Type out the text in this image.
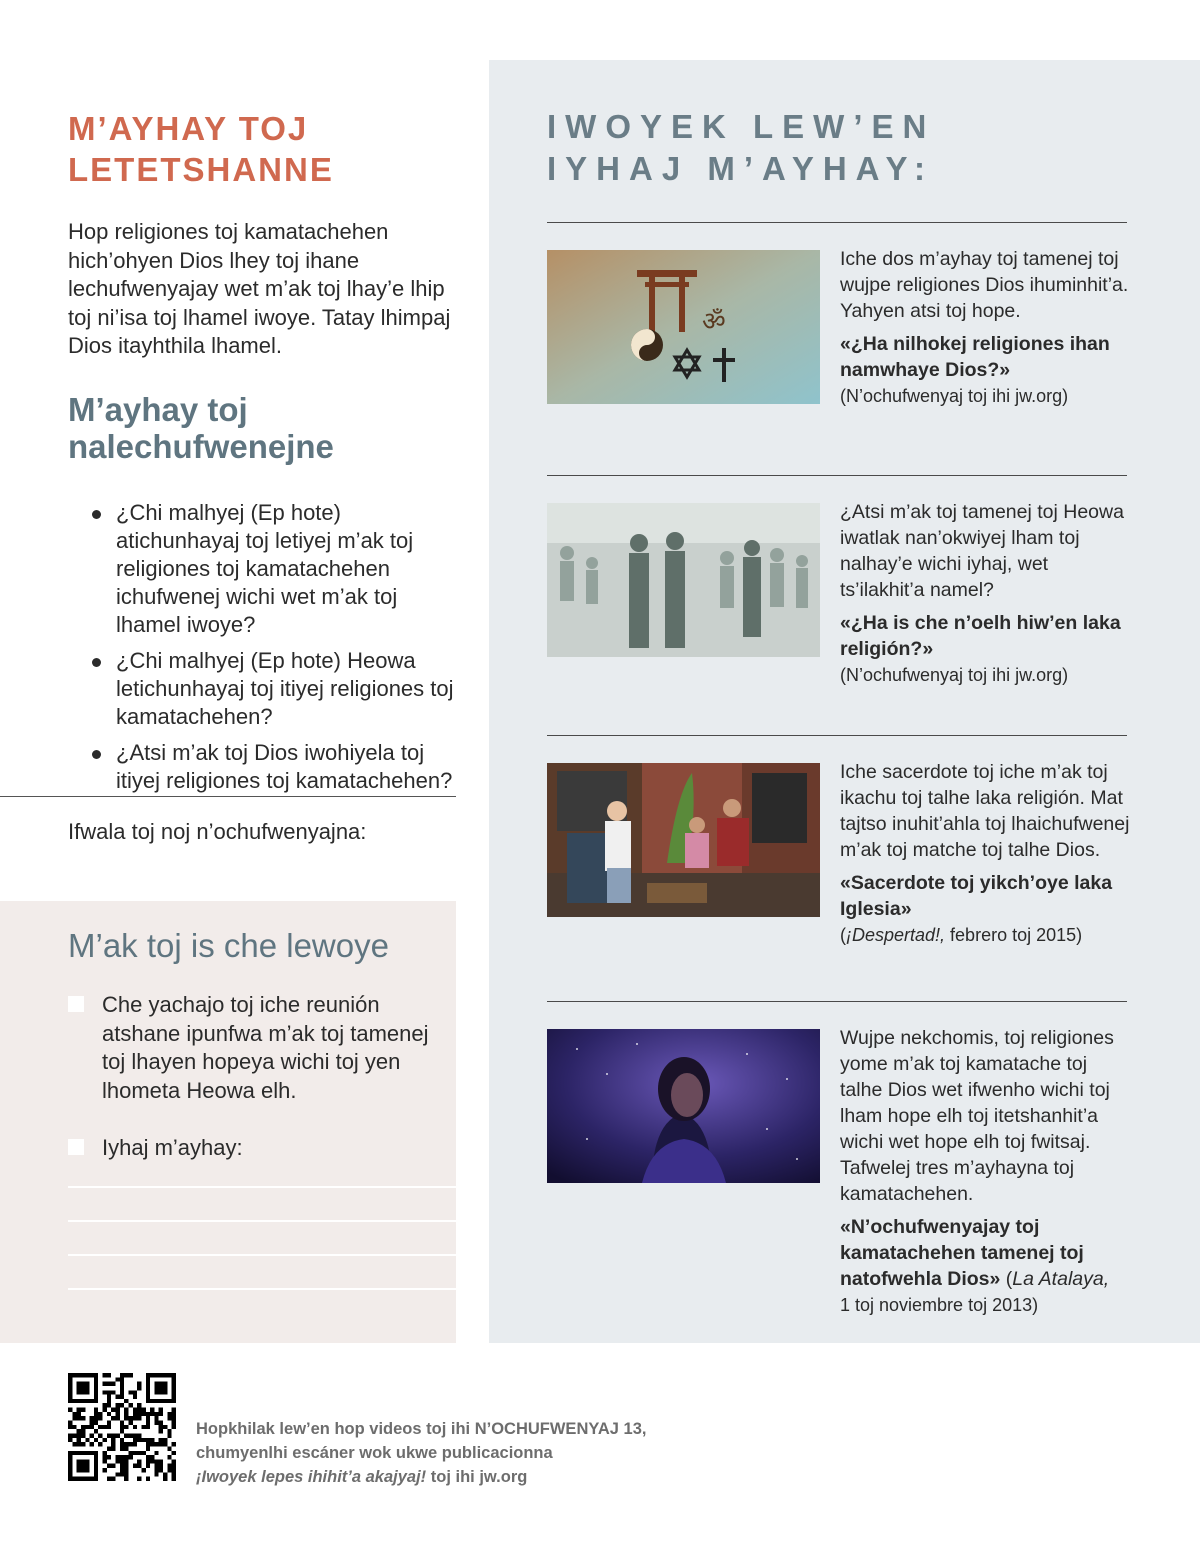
M’AYHAY TOJ
LETETSHANNE

Hop religiones toj kamatachehen hich’ohyen Dios lhey toj ihane lechufwenyajay wet m’ak toj lhay’e lhip toj ni’isa toj lhamel iwoye. Tatay lhimpaj Dios itayhthila lhamel.

M’ayhay toj
nalechufwenejne
¿Chi malhyej (Ep hote) atichunhayaj toj letiyej m’ak toj religiones toj kamatachehen ichufwenej wichi wet m’ak toj lhamel iwoye?
¿Chi malhyej (Ep hote) Heowa letichunhayaj toj itiyej religiones toj kamatachehen?
¿Atsi m’ak toj Dios iwohiyela toj itiyej religiones toj kamatachehen?
Ifwala toj noj n’ochufwenyajna:
M’ak toj is che lewoye
Che yachajo toj iche reunión atshane ipunfwa m’ak toj tamenej toj lhayen hopeya wichi toj yen lhometa Heowa elh.
Iyhaj m’ayhay:
IWOYEK LEW’EN
IYHAJ M’AYHAY:
ॐ

Iche dos m’ayhay toj tamenej toj wujpe religiones Dios ihuminhit’a. Yahyen atsi toj hope.

«¿Ha nilhokej religiones ihan namwhaye Dios?»

(N’ochufwenyaj toj ihi jw.org)

¿Atsi m’ak toj tamenej toj Heowa iwatlak nan’okwiyej lham toj nalhay’e wichi iyhaj, wet ts’ilakhit’a namel?

«¿Ha is che n’oelh hiw’en laka religión?»

(N’ochufwenyaj toj ihi jw.org)

Iche sacerdote toj iche m’ak toj ikachu toj talhe laka religión. Mat tajtso inuhit’ahla toj lhaichufwenej m’ak toj matche toj talhe Dios.

«Sacerdote toj yikch’oye laka Iglesia»

(¡Despertad!, febrero toj 2015)

Wujpe nekchomis, toj religiones yome m’ak toj kamatache toj talhe Dios wet ifwenho wichi toj lham hope elh toj itetshanhit’a wichi wet hope elh toj fwitsaj. Tafwelej tres m’ayhayna toj kamatachehen.

«N’ochufwenyajay toj kamatachehen tamenej toj natofwehla Dios» (La Atalaya,

1 toj noviembre toj 2013)

Hopkhilak lew’en hop videos toj ihi N’OCHUFWENYAJ 13,
chumyenlhi escáner wok ukwe publicacionna
¡Iwoyek lepes ihihit’a akajyaj! toj ihi jw.org
